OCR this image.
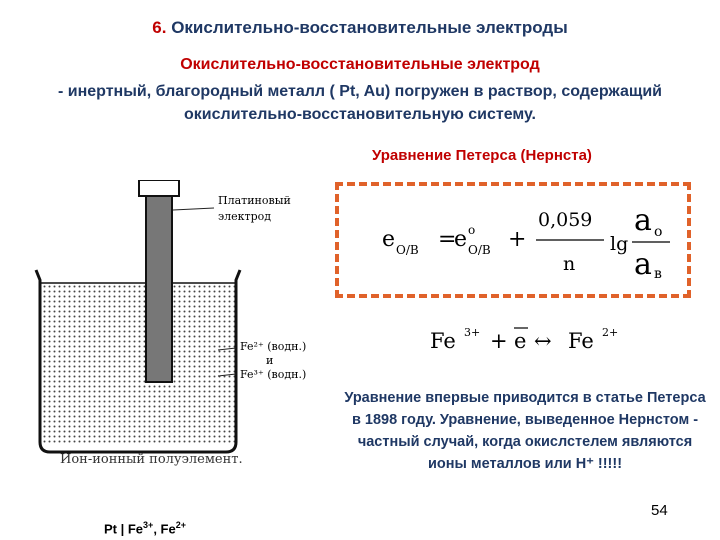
6. Окислительно-восстановительные электроды
Окислительно-восстановительные электрод
- инертный, благородный металл ( Pt, Au) погружен в раствор, содержащий окислительно-восстановительную систему.
Уравнение Петерса (Нернста)
e О/В =
e o
О/В +
0,059
n
lg
a о
a в
Fe 3+ + e ↔ Fe 2+
Уравнение впервые приводится в статье Петерса в 1898 году. Уравнение, выведенное Нернстом - частный случай, когда окислстелем являются ионы металлов или Н⁺ !!!!!
Платиновый
электрод
Fe²⁺ (водн.)
и
Fe³⁺ (водн.)
Ион-ионный полуэлемент.
Pt | $Fe^{3+}$, $Fe^{2+}$
54
